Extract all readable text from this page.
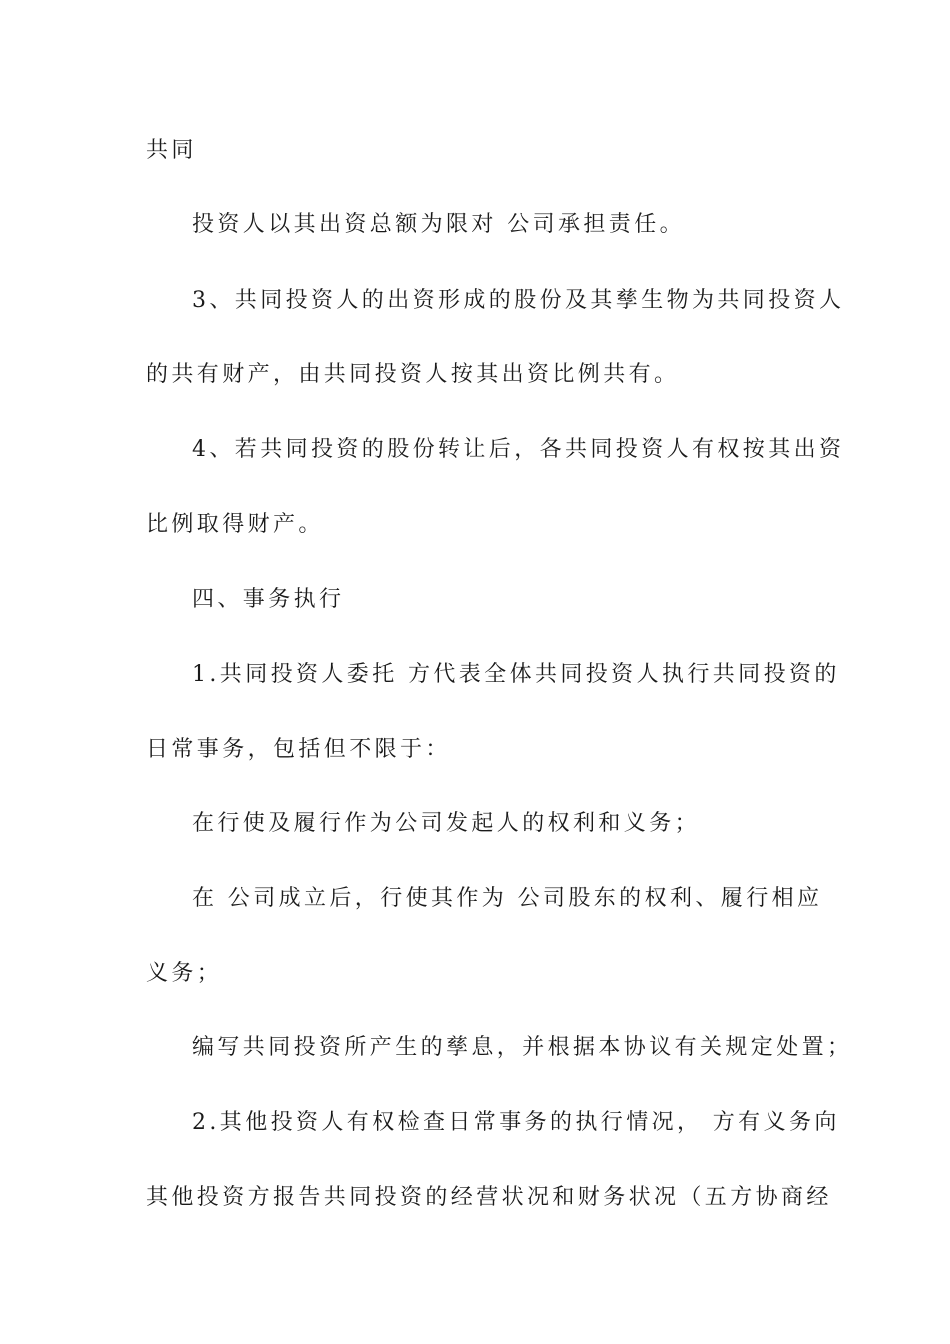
共同
投资人以其出资总额为限对 公司承担责任。
3、共同投资人的出资形成的股份及其孳生物为共同投资人
的共有财产，由共同投资人按其出资比例共有。
4、若共同投资的股份转让后，各共同投资人有权按其出资
比例取得财产。
四、事务执行
1.共同投资人委托 方代表全体共同投资人执行共同投资的
日常事务，包括但不限于：
在行使及履行作为公司发起人的权利和义务；
在 公司成立后，行使其作为 公司股东的权利、履行相应
义务；
编写共同投资所产生的孳息，并根据本协议有关规定处置；
2.其他投资人有权检查日常事务的执行情况， 方有义务向
其他投资方报告共同投资的经营状况和财务状况（五方协商经
